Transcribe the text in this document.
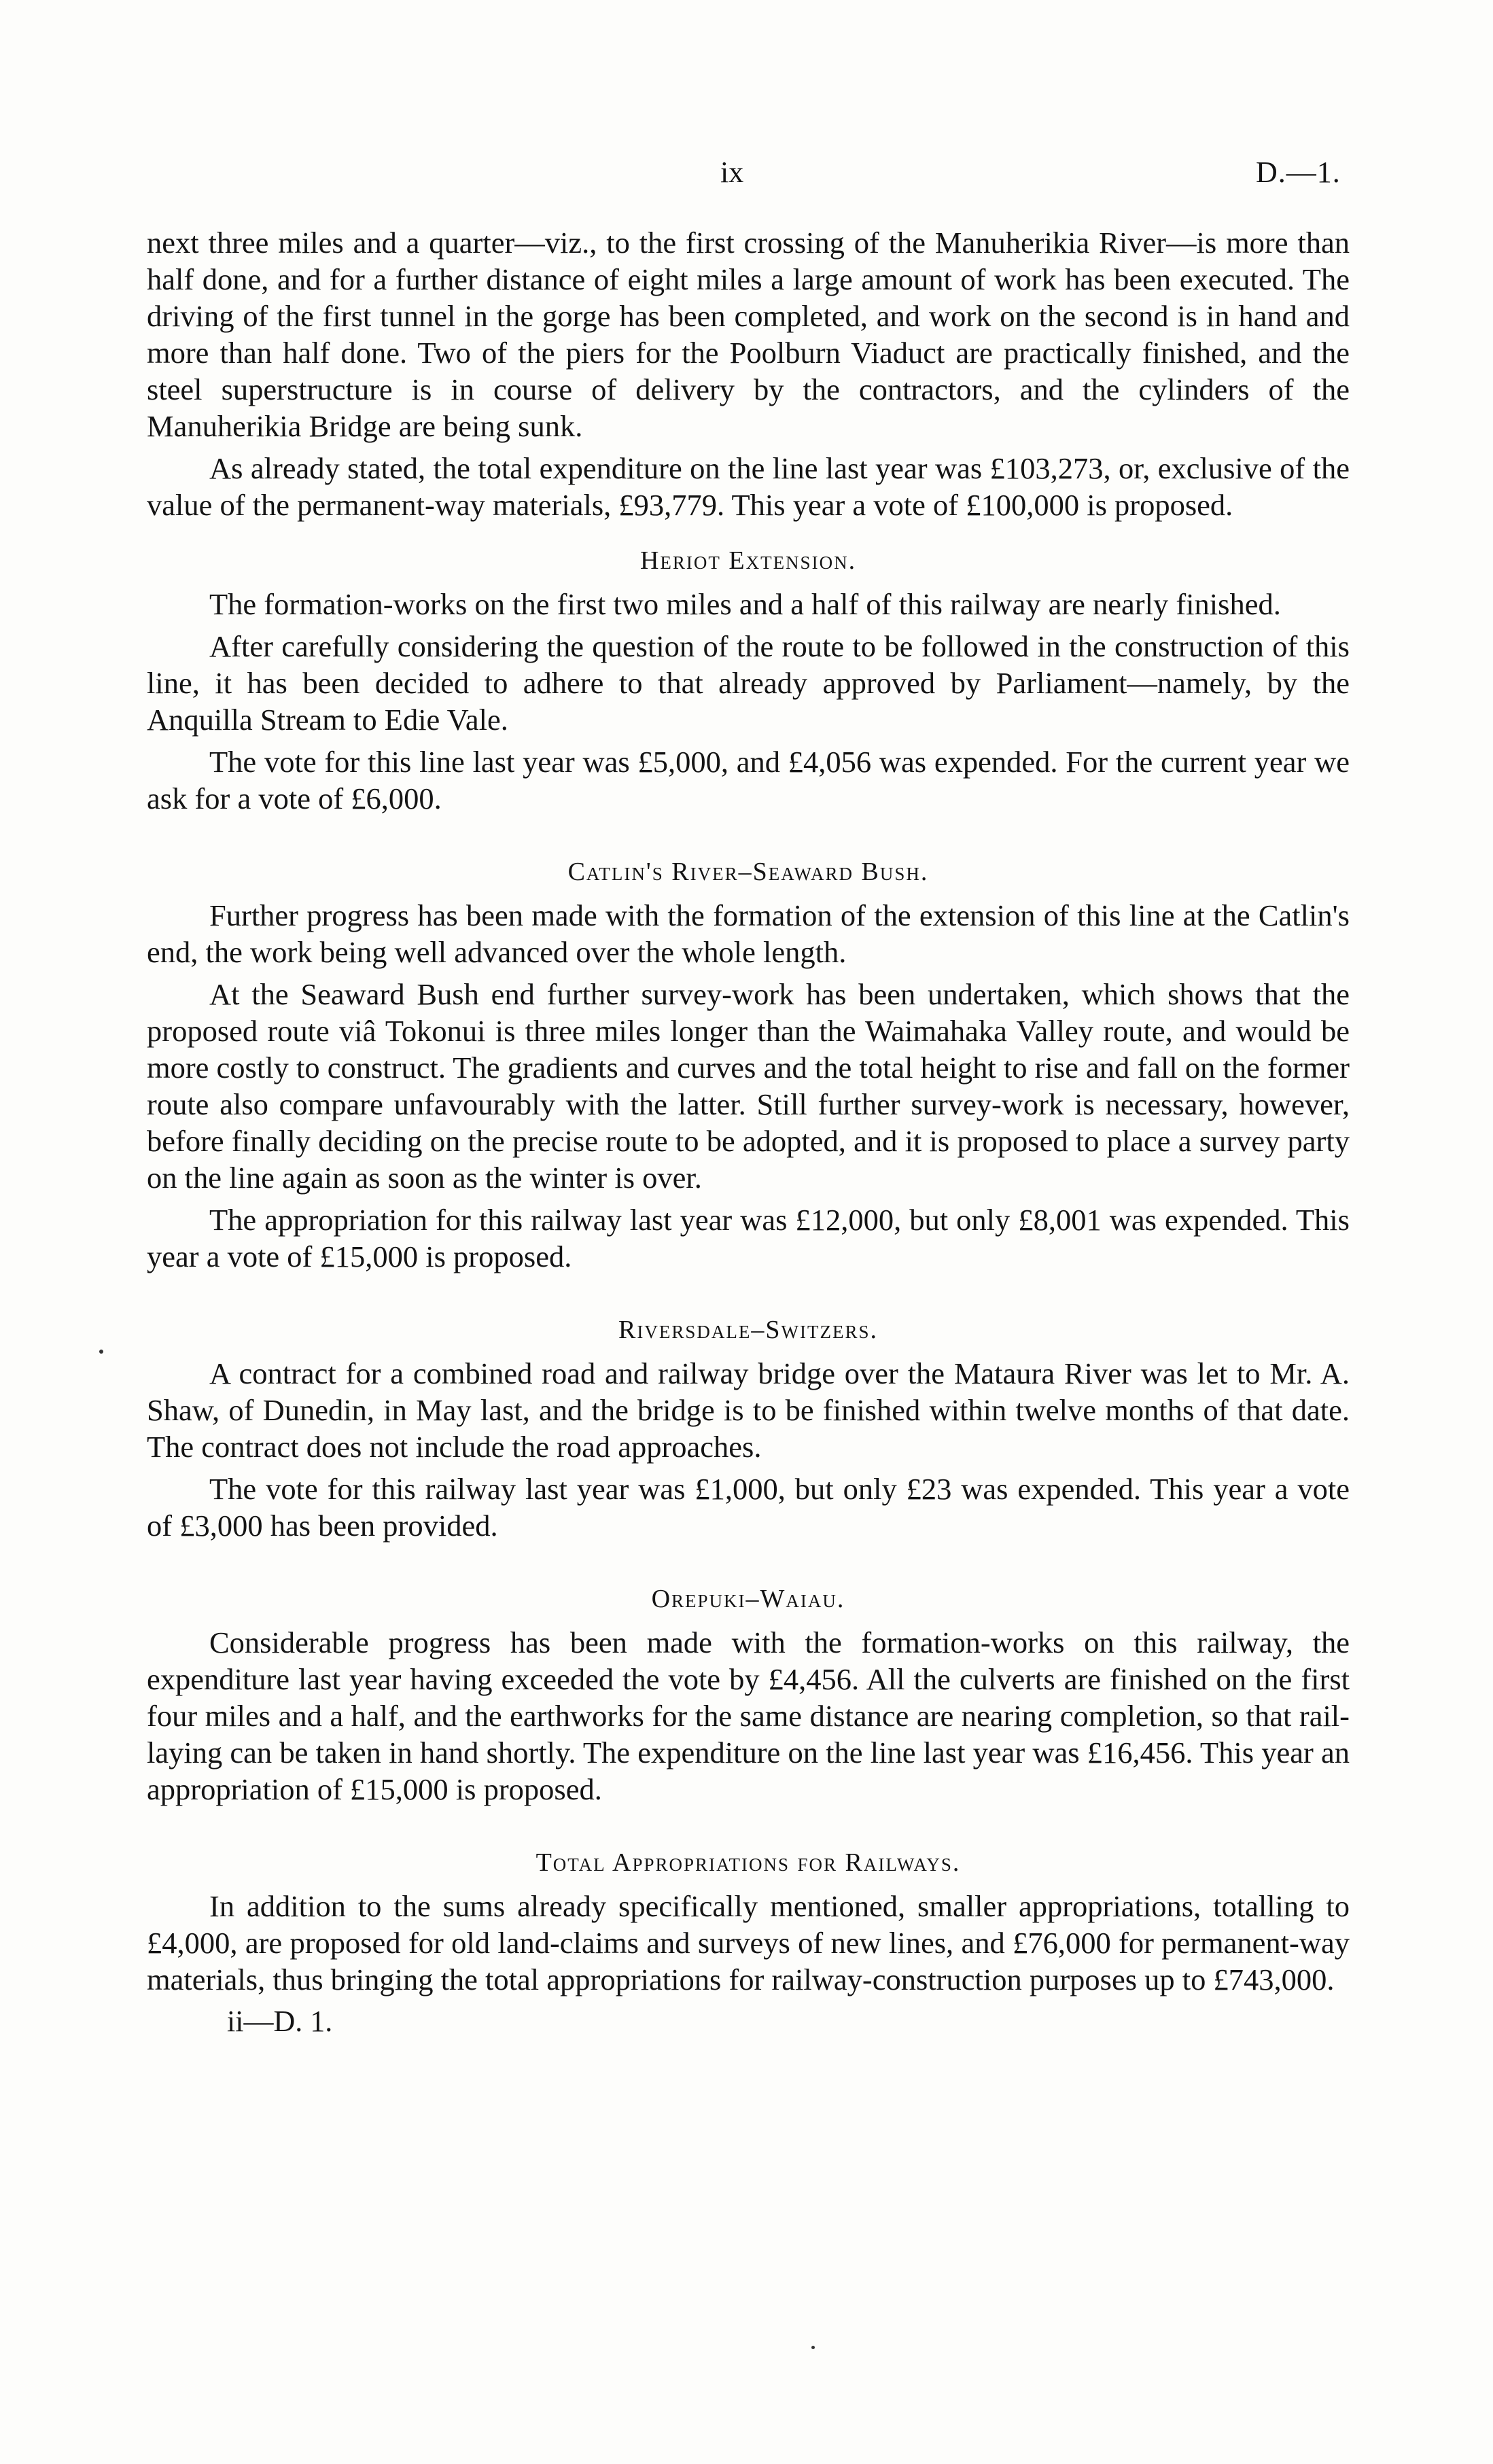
ix	D.—1.

next three miles and a quarter—viz., to the first crossing of the Manuherikia River—is more than half done, and for a further distance of eight miles a large amount of work has been executed. The driving of the first tunnel in the gorge has been completed, and work on the second is in hand and more than half done. Two of the piers for the Poolburn Viaduct are practically finished, and the steel superstructure is in course of delivery by the contractors, and the cylinders of the Manuherikia Bridge are being sunk.

As already stated, the total expenditure on the line last year was £103,273, or, exclusive of the value of the permanent-way materials, £93,779. This year a vote of £100,000 is proposed.

Heriot Extension.

The formation-works on the first two miles and a half of this railway are nearly finished.

After carefully considering the question of the route to be followed in the construction of this line, it has been decided to adhere to that already approved by Parliament—namely, by the Anquilla Stream to Edie Vale.

The vote for this line last year was £5,000, and £4,056 was expended. For the current year we ask for a vote of £6,000.

Catlin's River–Seaward Bush.

Further progress has been made with the formation of the extension of this line at the Catlin's end, the work being well advanced over the whole length.

At the Seaward Bush end further survey-work has been undertaken, which shows that the proposed route viâ Tokonui is three miles longer than the Waimahaka Valley route, and would be more costly to construct. The gradients and curves and the total height to rise and fall on the former route also compare unfavourably with the latter. Still further survey-work is necessary, however, before finally deciding on the precise route to be adopted, and it is proposed to place a survey party on the line again as soon as the winter is over.

The appropriation for this railway last year was £12,000, but only £8,001 was expended. This year a vote of £15,000 is proposed.

Riversdale–Switzers.

A contract for a combined road and railway bridge over the Mataura River was let to Mr. A. Shaw, of Dunedin, in May last, and the bridge is to be finished within twelve months of that date. The contract does not include the road approaches.

The vote for this railway last year was £1,000, but only £23 was expended. This year a vote of £3,000 has been provided.

Orepuki–Waiau.

Considerable progress has been made with the formation-works on this railway, the expenditure last year having exceeded the vote by £4,456. All the culverts are finished on the first four miles and a half, and the earthworks for the same distance are nearing completion, so that rail-laying can be taken in hand shortly. The expenditure on the line last year was £16,456. This year an appropriation of £15,000 is proposed.

Total Appropriations for Railways.

In addition to the sums already specifically mentioned, smaller appropriations, totalling to £4,000, are proposed for old land-claims and surveys of new lines, and £76,000 for permanent-way materials, thus bringing the total appropriations for railway-construction purposes up to £743,000.

ii—D. 1.
